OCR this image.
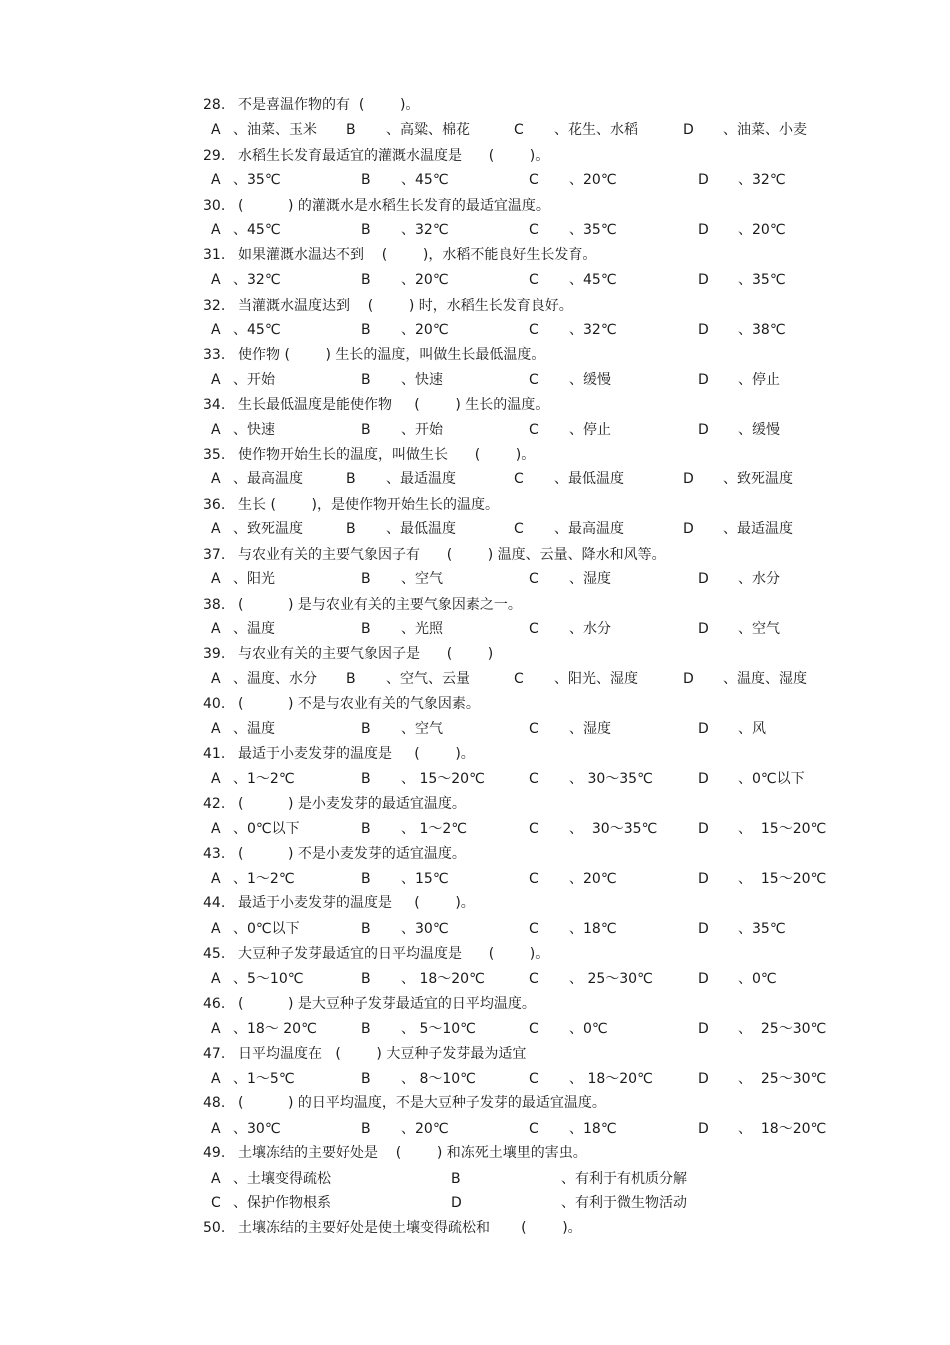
28. 不是喜温作物的有  (        )。
A 、油菜、玉米 B 、高粱、棉花	C 、花生、水稻	D 、油菜、小麦
29. 水稻生长发育最适宜的灌溉水温度是      (        )。
A 、35℃	B 、45℃	C 、20℃	D 、32℃
30. (          ) 的灌溉水是水稻生长发育的最适宜温度。
A 、45℃	B 、32℃	C 、35℃	D 、20℃
31. 如果灌溉水温达不到    (        )，水稻不能良好生长发育。
A 、32℃	B 、20℃	C 、45℃	D 、35℃
32. 当灌溉水温度达到    (        ) 时，水稻生长发育良好。
A 、45℃	B 、20℃	C 、32℃	D 、38℃
33. 使作物 (        ) 生长的温度，叫做生长最低温度。
A 、开始	B 、快速	C 、缓慢	D 、停止
34. 生长最低温度是能使作物     (        ) 生长的温度。
A 、快速	B 、开始	C 、停止	D 、缓慢
35. 使作物开始生长的温度，叫做生长      (        )。
A 、最高温度	B 、最适温度	C 、最低温度	D 、致死温度
36. 生长 (        )，是使作物开始生长的温度。
A 、致死温度	B 、最低温度	C 、最高温度	D 、最适温度
37. 与农业有关的主要气象因子有      (        ) 温度、云量、降水和风等。
A 、阳光	B 、空气	C 、湿度	D 、水分
38. (          ) 是与农业有关的主要气象因素之一。
A 、温度	B 、光照	C 、水分	D 、空气
39. 与农业有关的主要气象因子是      (        )
A 、温度、水分 B 、空气、云量	C 、阳光、湿度	D 、温度、湿度
40. (          ) 不是与农业有关的气象因素。
A 、温度	B 、空气	C 、湿度	D 、风
41. 最适于小麦发芽的温度是     (        )。
A 、1～2℃	B 、 15～20℃	C 、 30～35℃	D 、0℃以下
42. (          ) 是小麦发芽的最适宜温度。
A 、0℃以下	B 、 1～2℃	C 、  30～35℃	D 、  15～20℃
43. (          ) 不是小麦发芽的适宜温度。
A 、1～2℃	B 、15℃	C 、20℃	D 、  15～20℃
44. 最适于小麦发芽的温度是     (        )。
A 、0℃以下	B 、30℃	C 、18℃	D 、35℃
45. 大豆种子发芽最适宜的日平均温度是      (        )。
A 、5～10℃	B 、 18～20℃	C 、 25～30℃	D 、0℃
46. (          ) 是大豆种子发芽最适宜的日平均温度。
A 、18～ 20℃	B 、 5～10℃	C 、0℃	D 、  25～30℃
47. 日平均温度在   (        ) 大豆种子发芽最为适宜
A 、1～5℃	B 、 8～10℃	C 、 18～20℃	D 、  25～30℃
48. (          ) 的日平均温度，不是大豆种子发芽的最适宜温度。
A 、30℃	B 、20℃	C 、18℃	D 、  18～20℃
49. 土壤冻结的主要好处是    (        ) 和冻死土壤里的害虫。
A 、土壤变得疏松	B	、有利于有机质分解
C 、保护作物根系	D	、有利于微生物活动
50. 土壤冻结的主要好处是使土壤变得疏松和       (        )。
